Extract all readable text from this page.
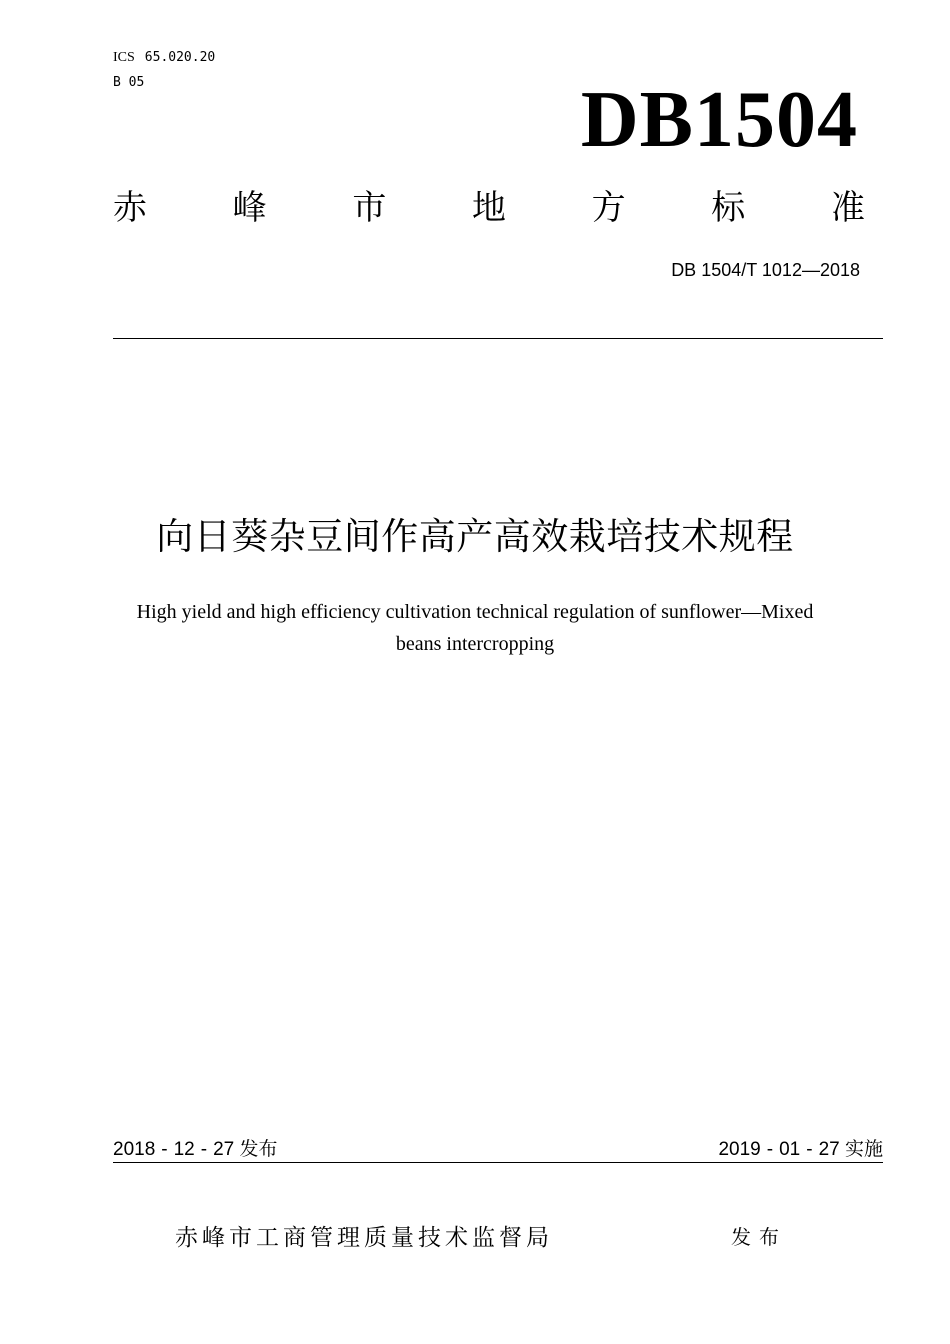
ICS 65.020.20
B 05	DB1504
赤	峰	市	地	方	标	准
DB 1504/T 1012—2018
向日葵杂豆间作高产高效栽培技术规程
High yield and high efficiency cultivation technical regulation of sunflower—Mixed
beans intercropping
2018 - 12 - 27 发布	2019 - 01 - 27 实施
赤峰市工商管理质量技术监督局	发布
